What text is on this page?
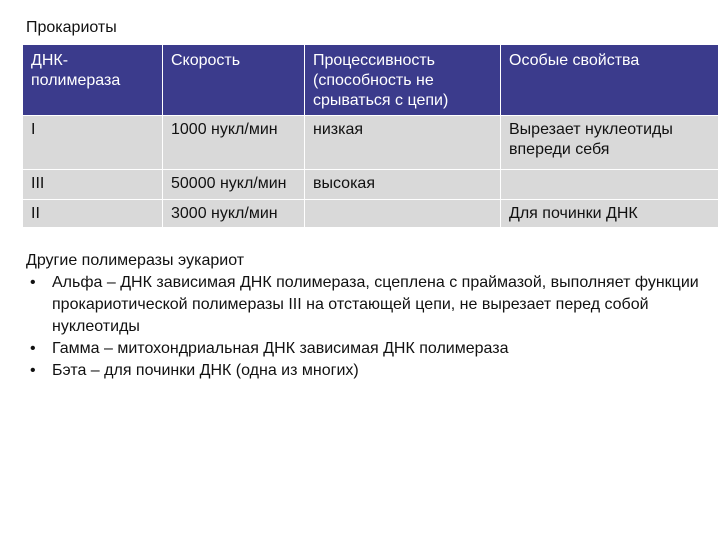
Прокариоты
ДНК-полимераза	Скорость	Процессивность (способность не срываться с цепи)	Особые свойства
I	1000 нукл/мин	низкая	Вырезает нуклеотиды впереди себя
III	50000 нукл/мин	высокая	
II	3000 нукл/мин		Для починки ДНК

Другие полимеразы эукариот

• Альфа – ДНК зависимая ДНК полимераза, сцеплена с праймазой, выполняет функции прокариотической полимеразы III на отстающей цепи, не вырезает перед собой нуклеотиды
• Гамма – митохондриальная ДНК зависимая ДНК полимераза
• Бэта – для починки ДНК (одна из многих)
